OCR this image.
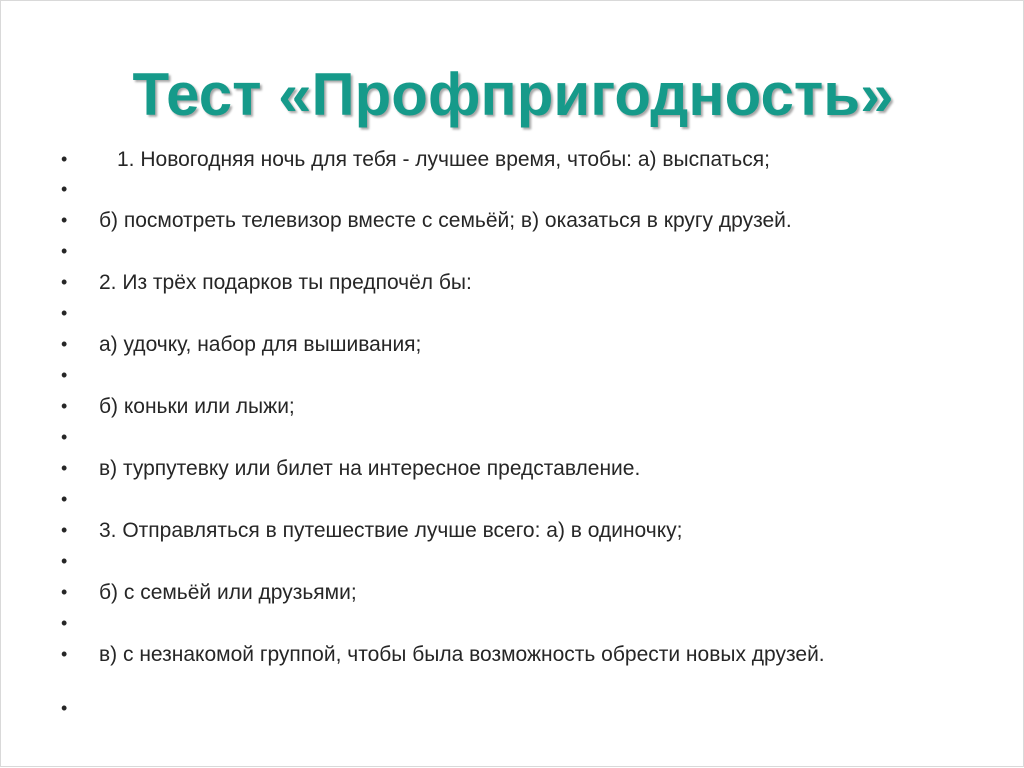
Тест «Профпригодность»
•	1. Новогодняя ночь для тебя - лучшее время, чтобы: а) выспаться;
•
•	б) посмотреть телевизор вместе с семьёй; в) оказаться в кругу друзей.
•
•	2. Из трёх подарков ты предпочёл бы:
•
•	а) удочку, набор для вышивания;
•
•	б) коньки или лыжи;
•
•	в) турпутевку или билет на интересное представление.
•
•	3. Отправляться в путешествие лучше всего: а) в одиночку;
•
•	б) с семьёй или друзьями;
•
•	в) с незнакомой группой, чтобы была возможность обрести новых друзей.
•
